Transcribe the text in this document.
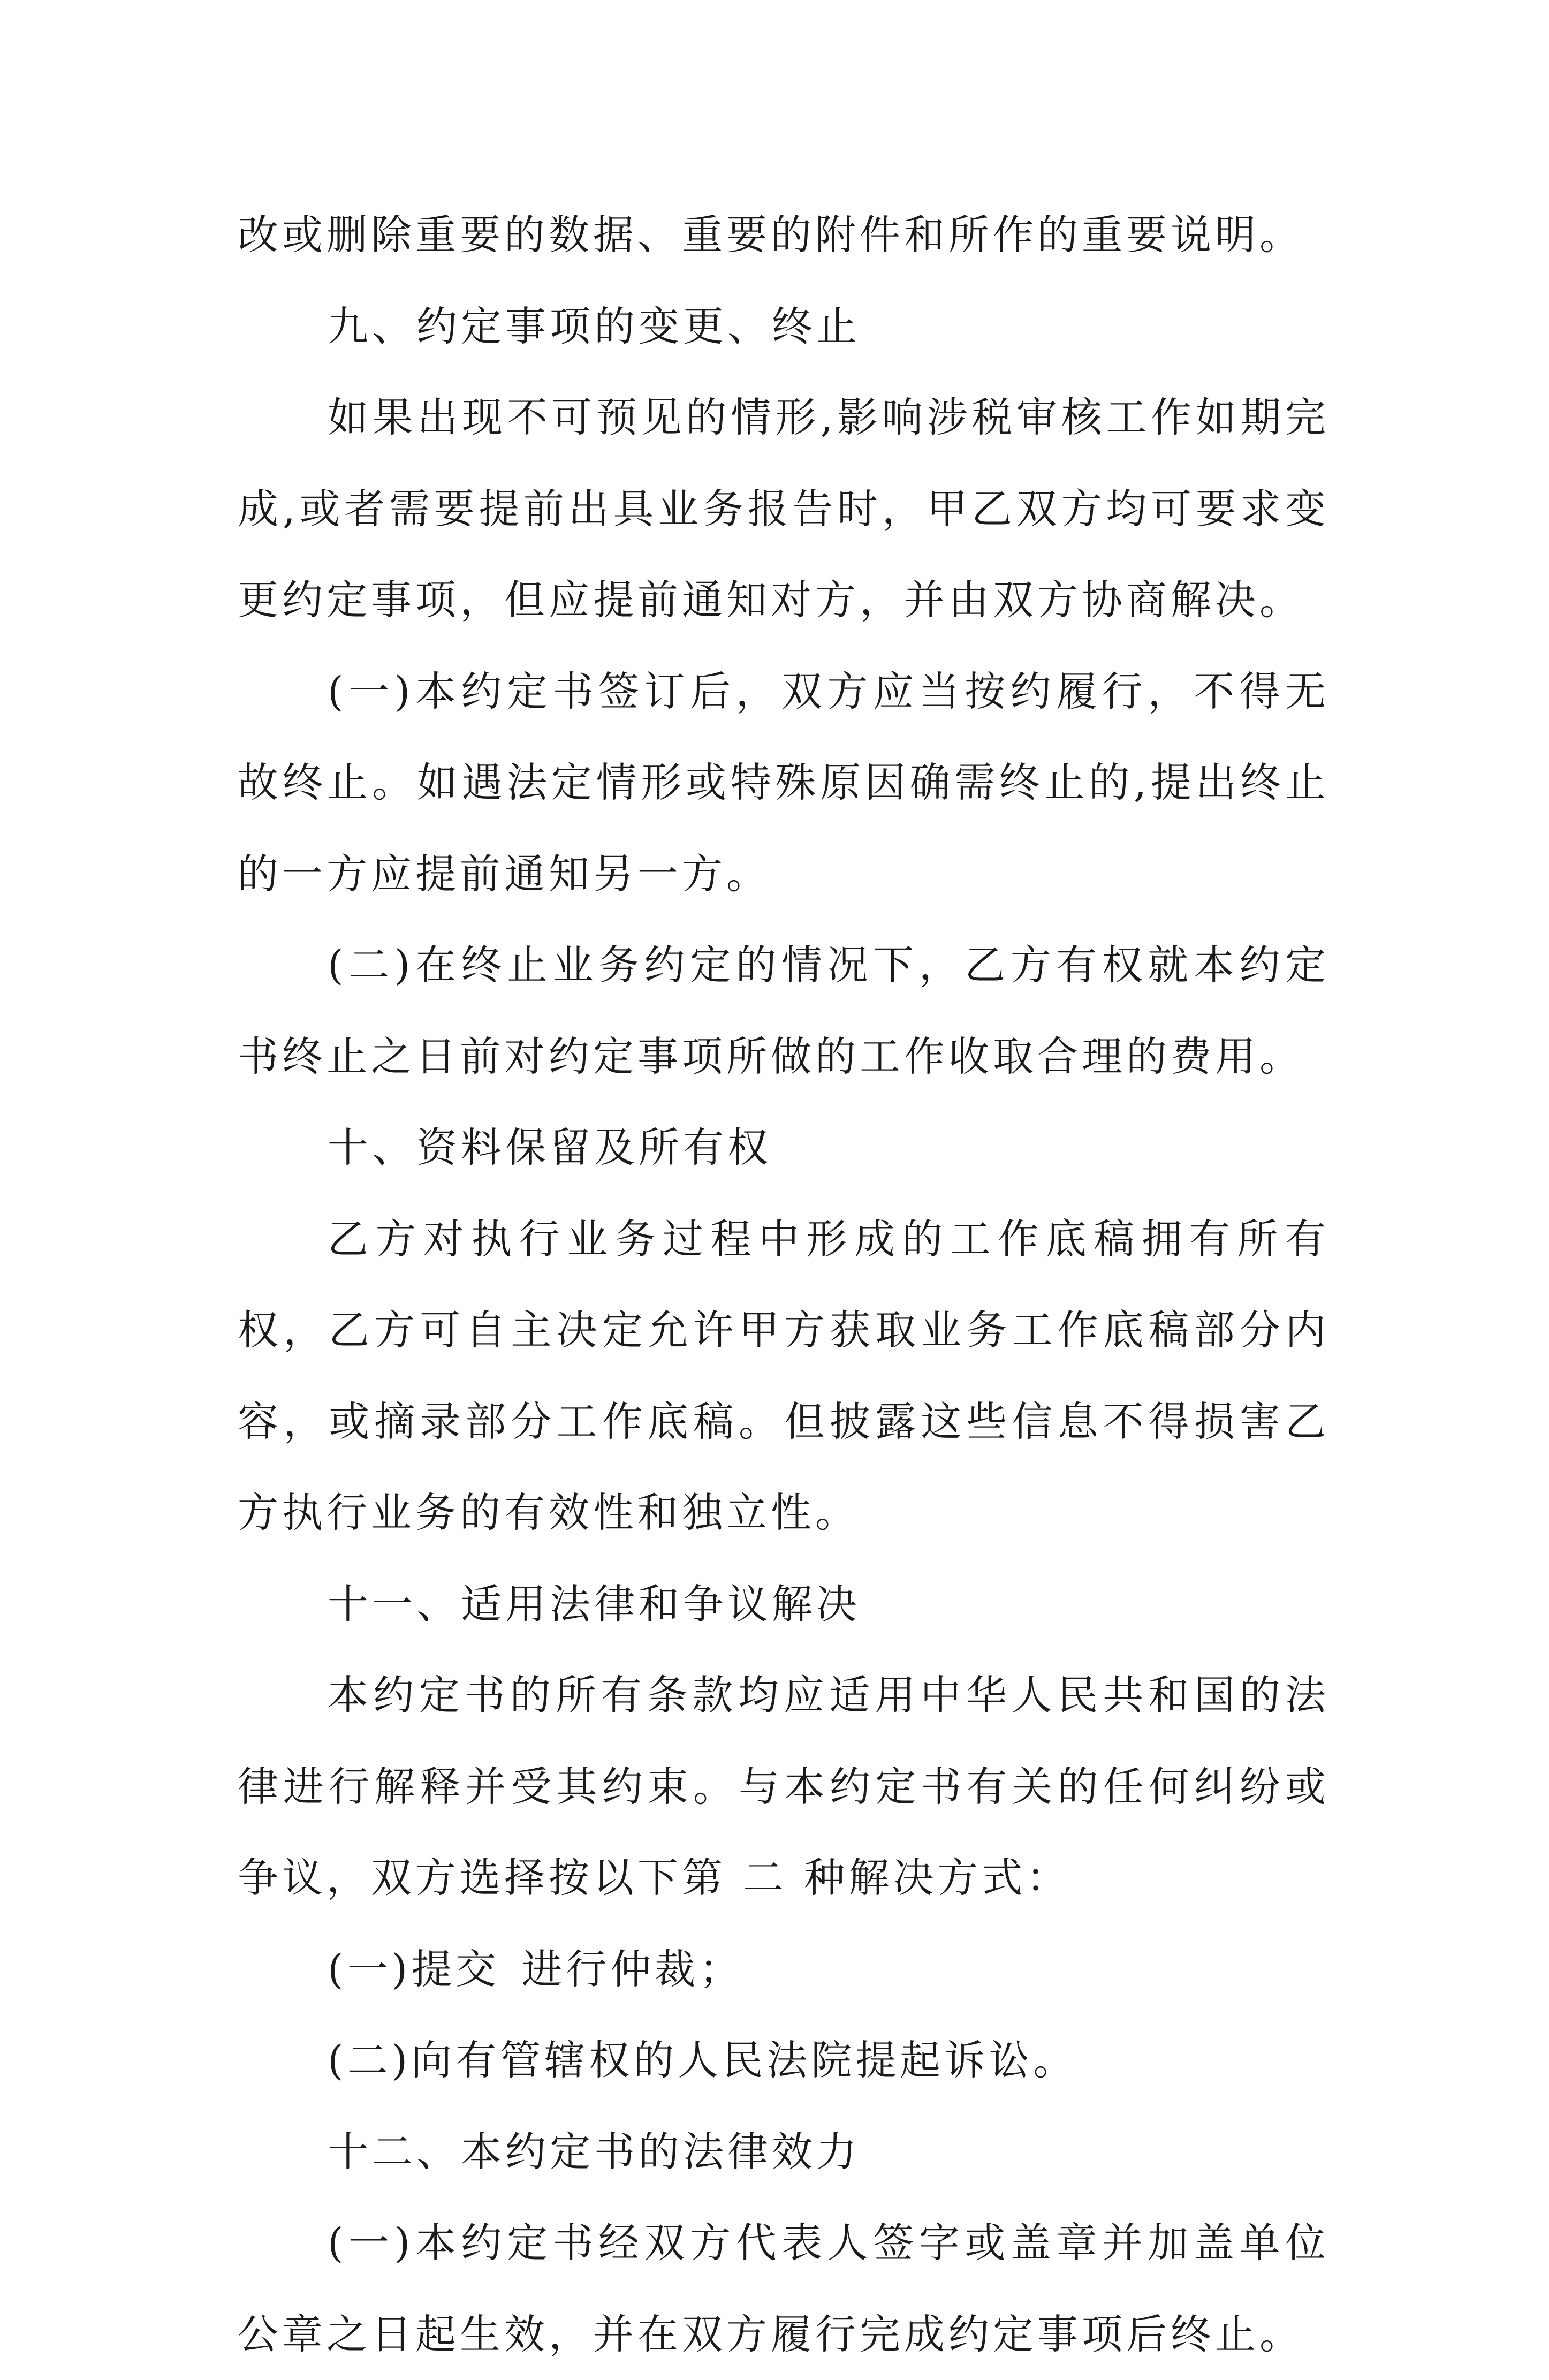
改或删除重要的数据、重要的附件和所作的重要说明。

九、约定事项的变更、终止

如果出现不可预见的情形,影响涉税审核工作如期完成,或者需要提前出具业务报告时，甲乙双方均可要求变更约定事项，但应提前通知对方，并由双方协商解决。

(一)本约定书签订后，双方应当按约履行，不得无故终止。如遇法定情形或特殊原因确需终止的,提出终止的一方应提前通知另一方。

(二)在终止业务约定的情况下，乙方有权就本约定书终止之日前对约定事项所做的工作收取合理的费用。

十、资料保留及所有权

乙方对执行业务过程中形成的工作底稿拥有所有权，乙方可自主决定允许甲方获取业务工作底稿部分内容，或摘录部分工作底稿。但披露这些信息不得损害乙方执行业务的有效性和独立性。

十一、适用法律和争议解决

本约定书的所有条款均应适用中华人民共和国的法律进行解释并受其约束。与本约定书有关的任何纠纷或争议，双方选择按以下第 二 种解决方式：

(一)提交 进行仲裁；

(二)向有管辖权的人民法院提起诉讼。

十二、本约定书的法律效力

(一)本约定书经双方代表人签字或盖章并加盖单位公章之日起生效，并在双方履行完成约定事项后终止。
